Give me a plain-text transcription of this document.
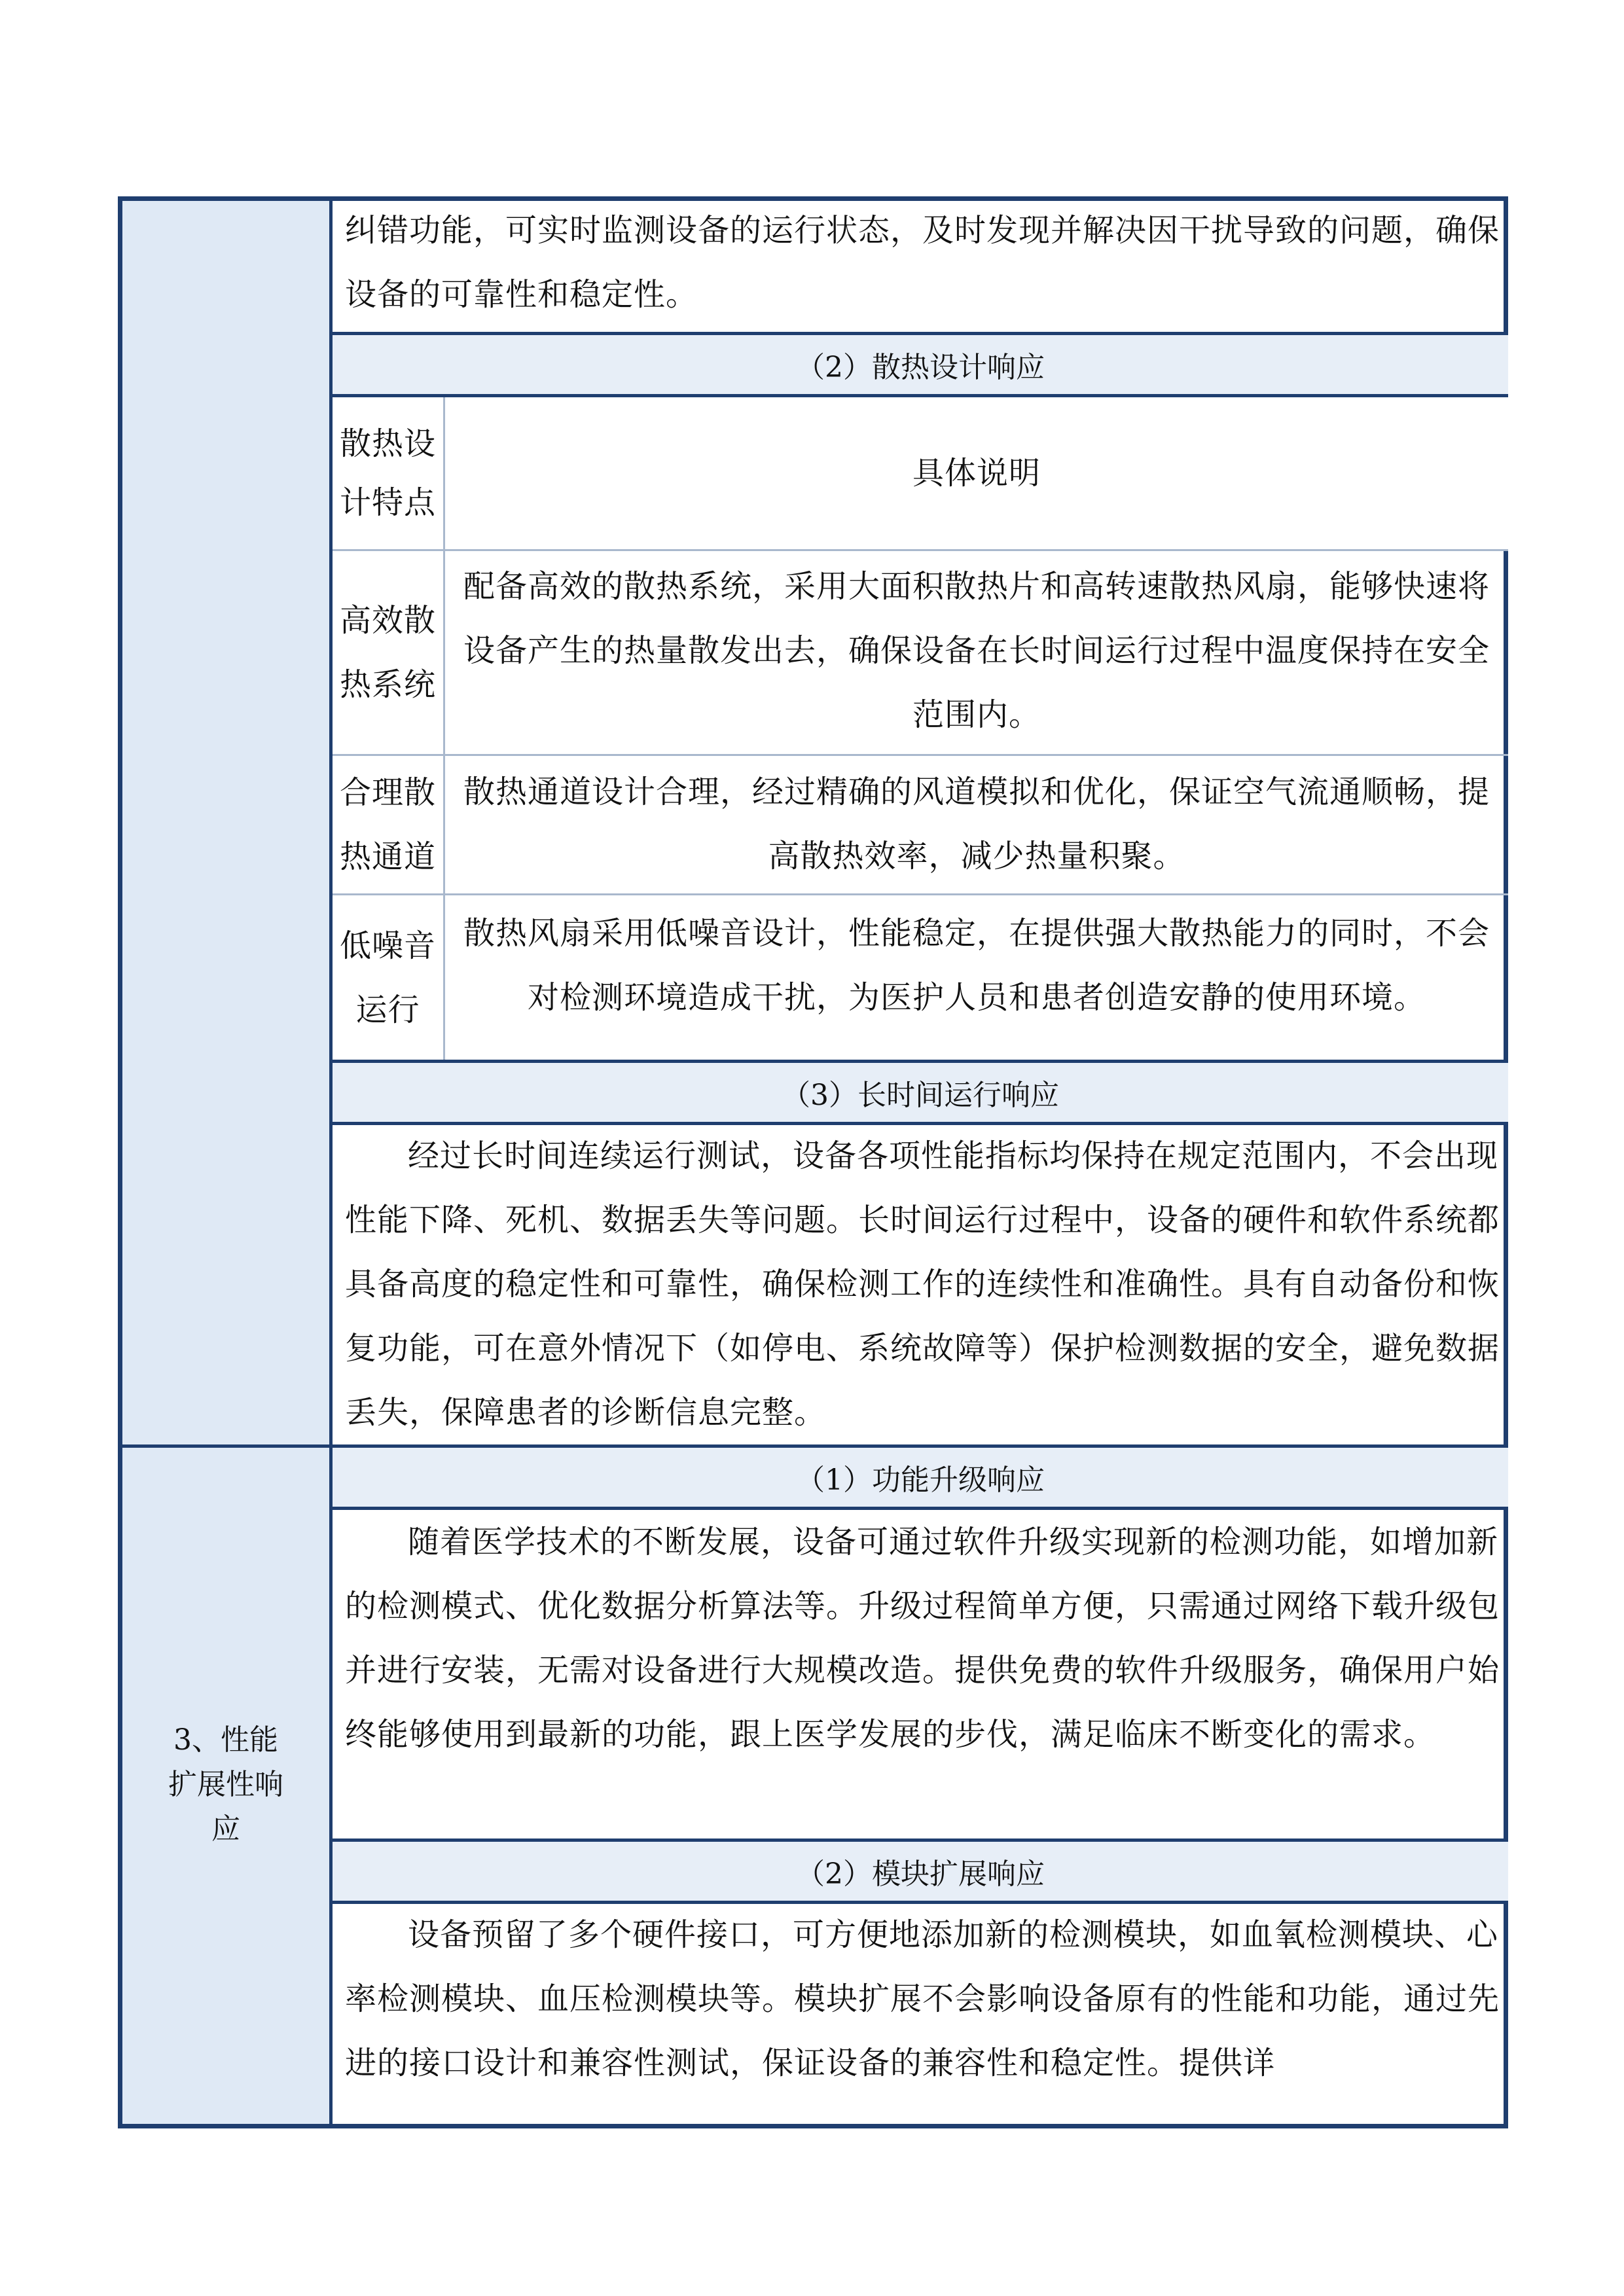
3、性能扩展性响应
纠错功能，可实时监测设备的运行状态，及时发现并解决因干扰导致的问题，确保设备的可靠性和稳定性。
（2）散热设计响应
散热设计特点
具体说明
高效散热系统
配备高效的散热系统，采用大面积散热片和高转速散热风扇，能够快速将设备产生的热量散发出去，确保设备在长时间运行过程中温度保持在安全范围内。
合理散热通道
散热通道设计合理，经过精确的风道模拟和优化，保证空气流通顺畅，提高散热效率，减少热量积聚。
低噪音运行
散热风扇采用低噪音设计，性能稳定，在提供强大散热能力的同时，不会对检测环境造成干扰，为医护人员和患者创造安静的使用环境。
（3）长时间运行响应
经过长时间连续运行测试，设备各项性能指标均保持在规定范围内，不会出现性能下降、死机、数据丢失等问题。长时间运行过程中，设备的硬件和软件系统都具备高度的稳定性和可靠性，确保检测工作的连续性和准确性。具有自动备份和恢复功能，可在意外情况下（如停电、系统故障等）保护检测数据的安全，避免数据丢失，保障患者的诊断信息完整。
（1）功能升级响应
随着医学技术的不断发展，设备可通过软件升级实现新的检测功能，如增加新的检测模式、优化数据分析算法等。升级过程简单方便，只需通过网络下载升级包并进行安装，无需对设备进行大规模改造。提供免费的软件升级服务，确保用户始终能够使用到最新的功能，跟上医学发展的步伐，满足临床不断变化的需求。
（2）模块扩展响应
设备预留了多个硬件接口，可方便地添加新的检测模块，如血氧检测模块、心率检测模块、血压检测模块等。模块扩展不会影响设备原有的性能和功能，通过先进的接口设计和兼容性测试，保证设备的兼容性和稳定性。提供详
